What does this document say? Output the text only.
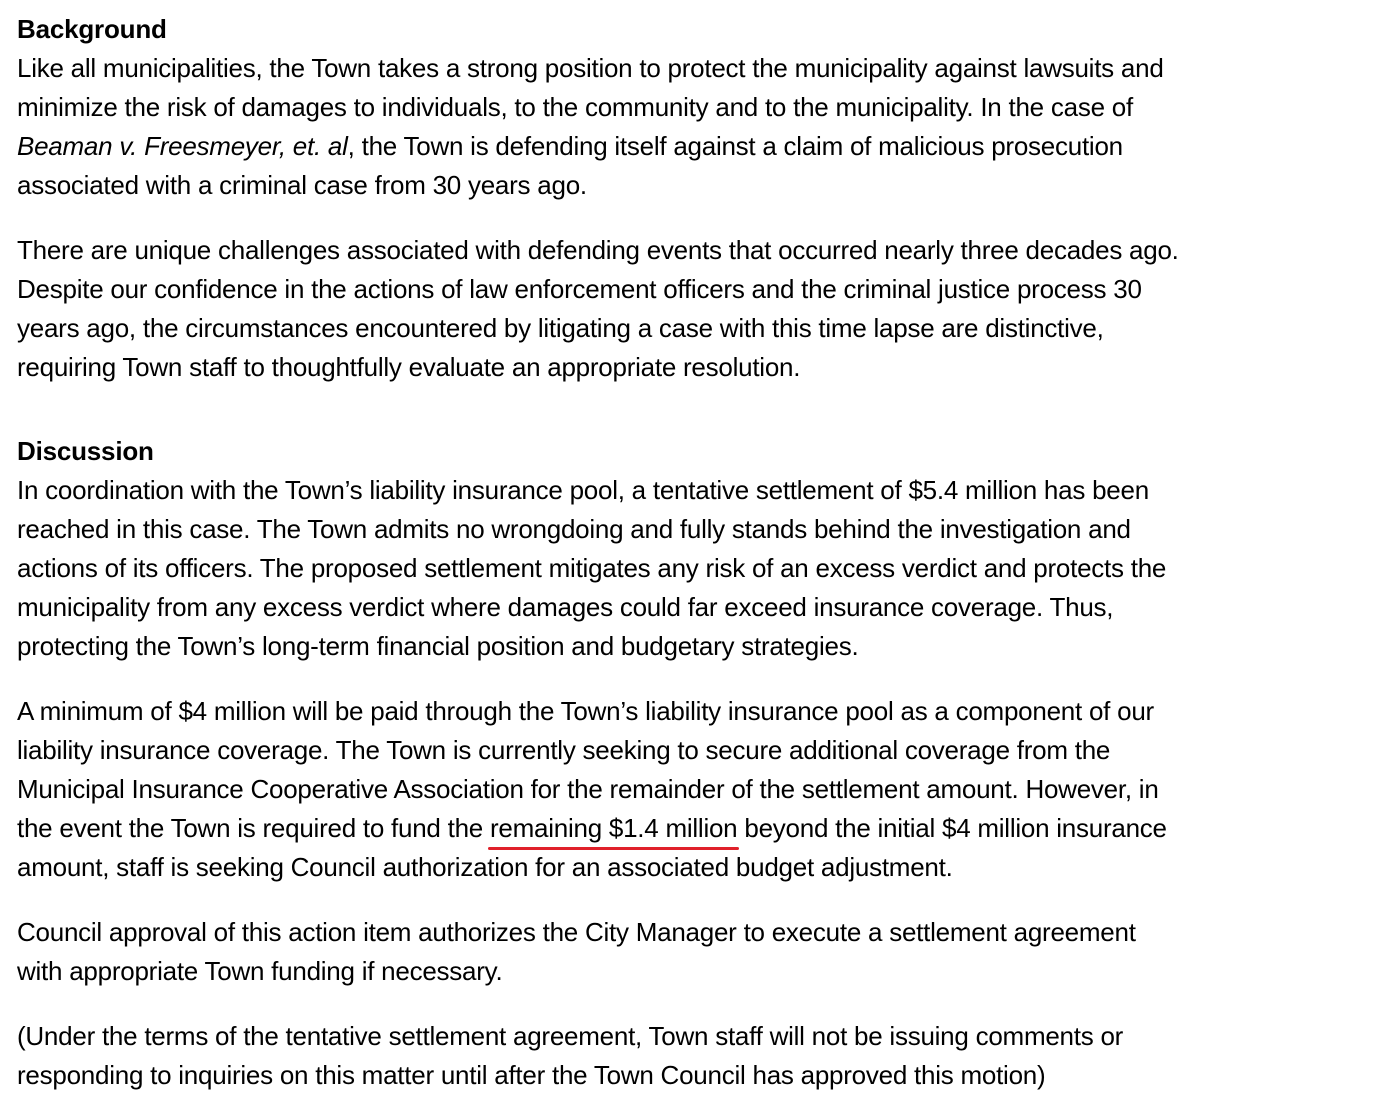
Background
Like all municipalities, the Town takes a strong position to protect the municipality against lawsuits and
minimize the risk of damages to individuals, to the community and to the municipality. In the case of
Beaman v. Freesmeyer, et. al, the Town is defending itself against a claim of malicious prosecution
associated with a criminal case from 30 years ago.
There are unique challenges associated with defending events that occurred nearly three decades ago.
Despite our confidence in the actions of law enforcement officers and the criminal justice process 30
years ago, the circumstances encountered by litigating a case with this time lapse are distinctive,
requiring Town staff to thoughtfully evaluate an appropriate resolution.
Discussion
In coordination with the Town’s liability insurance pool, a tentative settlement of $5.4 million has been
reached in this case. The Town admits no wrongdoing and fully stands behind the investigation and
actions of its officers. The proposed settlement mitigates any risk of an excess verdict and protects the
municipality from any excess verdict where damages could far exceed insurance coverage. Thus,
protecting the Town’s long-term financial position and budgetary strategies.
A minimum of $4 million will be paid through the Town’s liability insurance pool as a component of our
liability insurance coverage. The Town is currently seeking to secure additional coverage from the
Municipal Insurance Cooperative Association for the remainder of the settlement amount. However, in
the event the Town is required to fund the remaining $1.4 million beyond the initial $4 million insurance
amount, staff is seeking Council authorization for an associated budget adjustment.
Council approval of this action item authorizes the City Manager to execute a settlement agreement
with appropriate Town funding if necessary.
(Under the terms of the tentative settlement agreement, Town staff will not be issuing comments or
responding to inquiries on this matter until after the Town Council has approved this motion)
